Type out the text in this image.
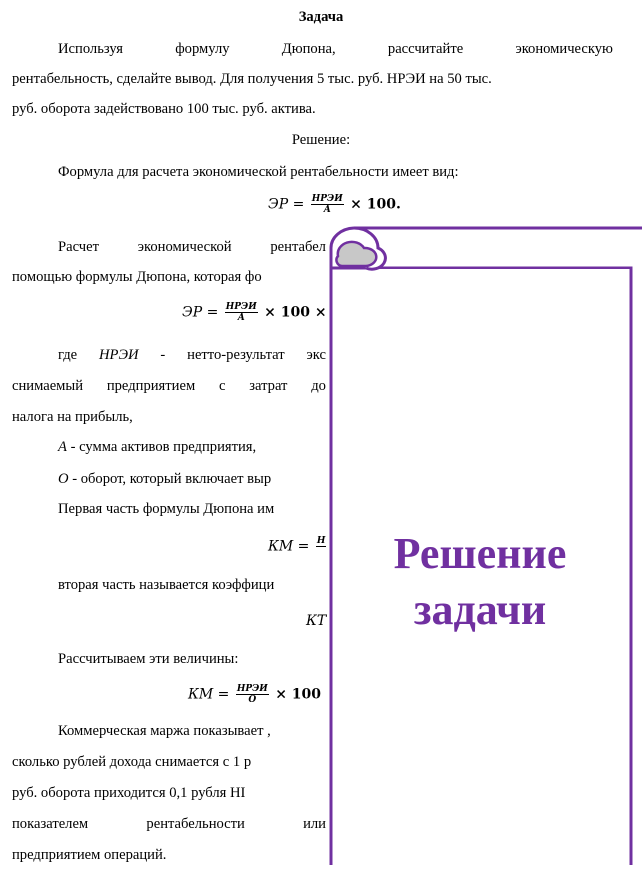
Задача
Используя	формулу	Дюпона,	рассчитайте	экономическую
рентабельность, сделайте вывод. Для получения 5 тыс. руб. НРЭИ на 50 тыс.
руб. оборота задействовано 100 тыс. руб. актива.
Решение:
Формула для расчета экономической рентабельности имеет вид:
ЭР = $\frac{\text{НРЭИ}}{А} \times 100$.
Расчет	экономической	рентабел
помощью формулы Дюпона, которая фо
ЭР = $\frac{\text{НРЭИ}}{А} \times 100$ ×
где НРЭИ - нетто-результат экс
снимаемый предприятием с затрат до
налога на прибыль,
А - сумма активов предприятия,
О - оборот, который включает выр
Первая часть формулы Дюпона им
КМ = Н

вторая часть называется коэффици
КТ
Рассчитываем эти величины:
КМ = $\frac{\text{НРЭИ}}{О} \times 100$
Коммерческая маржа показывает ,
сколько рублей дохода снимается с 1 р
руб. оборота приходится 0,1 рубля НІ
показателем	рентабельности	или
предприятием операций.
Решение
задачи
